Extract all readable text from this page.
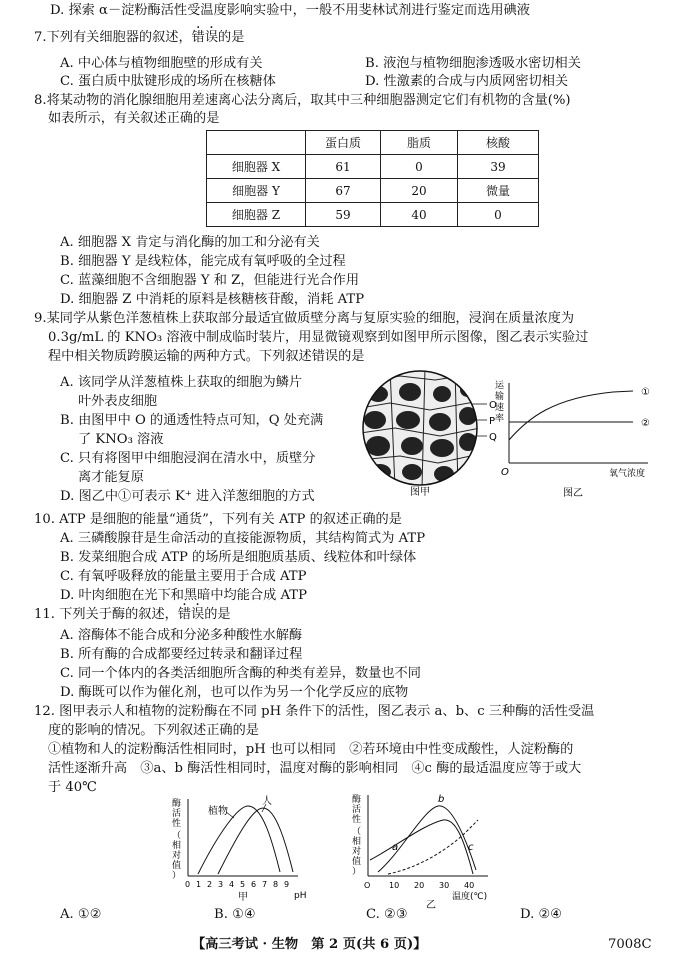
D. 探索 α－淀粉酶活性受温度影响实验中，一般不用斐林试剂进行鉴定而选用碘液
7.下列有关细胞器的叙述，错误的是
A. 中心体与植物细胞壁的形成有关	B. 液泡与植物细胞渗透吸水密切相关
C. 蛋白质中肽键形成的场所在核糖体	D. 性激素的合成与内质网密切相关
8.将某动物的消化腺细胞用差速离心法分离后，取其中三种细胞器测定它们有机物的含量(%)
如表所示，有关叙述正确的是
	蛋白质	脂质	核酸
细胞器 X	61	0	39
细胞器 Y	67	20	微量
细胞器 Z	59	40	0
A. 细胞器 X 肯定与消化酶的加工和分泌有关
B. 细胞器 Y 是线粒体，能完成有氧呼吸的全过程
C. 蓝藻细胞不含细胞器 Y 和 Z，但能进行光合作用
D. 细胞器 Z 中消耗的原料是核糖核苷酸，消耗 ATP
9.某同学从紫色洋葱植株上获取部分最适宜做质壁分离与复原实验的细胞，浸润在质量浓度为
0.3g/mL 的 KNO₃ 溶液中制成临时装片，用显微镜观察到如图甲所示图像，图乙表示实验过
程中相关物质跨膜运输的两种方式。下列叙述错误的是
A. 该同学从洋葱植株上获取的细胞为鳞片
叶外表皮细胞
B. 由图甲中 O 的通透性特点可知，Q 处充满
了 KNO₃ 溶液
C. 只有将图甲中细胞浸润在清水中，质壁分
离才能复原
D. 图乙中①可表示 K⁺ 进入洋葱细胞的方式
O
P
Q
图甲
运输速率
①
②
O	氧气浓度
图乙
10. ATP 是细胞的能量“通货”，下列有关 ATP 的叙述正确的是
A. 三磷酸腺苷是生命活动的直接能源物质，其结构简式为 ATP
B. 发菜细胞合成 ATP 的场所是细胞质基质、线粒体和叶绿体
C. 有氧呼吸释放的能量主要用于合成 ATP
D. 叶肉细胞在光下和黑暗中均能合成 ATP
11. 下列关于酶的叙述，错误的是
A. 溶酶体不能合成和分泌多种酸性水解酶
B. 所有酶的合成都要经过转录和翻译过程
C. 同一个体内的各类活细胞所含酶的种类有差异，数量也不同
D. 酶既可以作为催化剂，也可以作为另一个化学反应的底物
12. 图甲表示人和植物的淀粉酶在不同 pH 条件下的活性，图乙表示 a、b、c 三种酶的活性受温
度的影响的情况。下列叙述正确的是
①植物和人的淀粉酶活性相同时，pH 也可以相同　②若环境由中性变成酸性，人淀粉酶的
活性逐渐升高　③a、b 酶活性相同时，温度对酶的影响相同　④c 酶的最适温度应等于或大
于 40℃
酶活性（相对值）
0 1 2 3 4 5 6 7 8 9
植物
人
pH
甲
酶活性（相对值）
O 10 20 30 40
a
b
c
温度(℃)
乙
A. ①②	B. ①④	C. ②③	D. ②④
【高三考试 · 生物　第 2 页(共 6 页)】	7008C
